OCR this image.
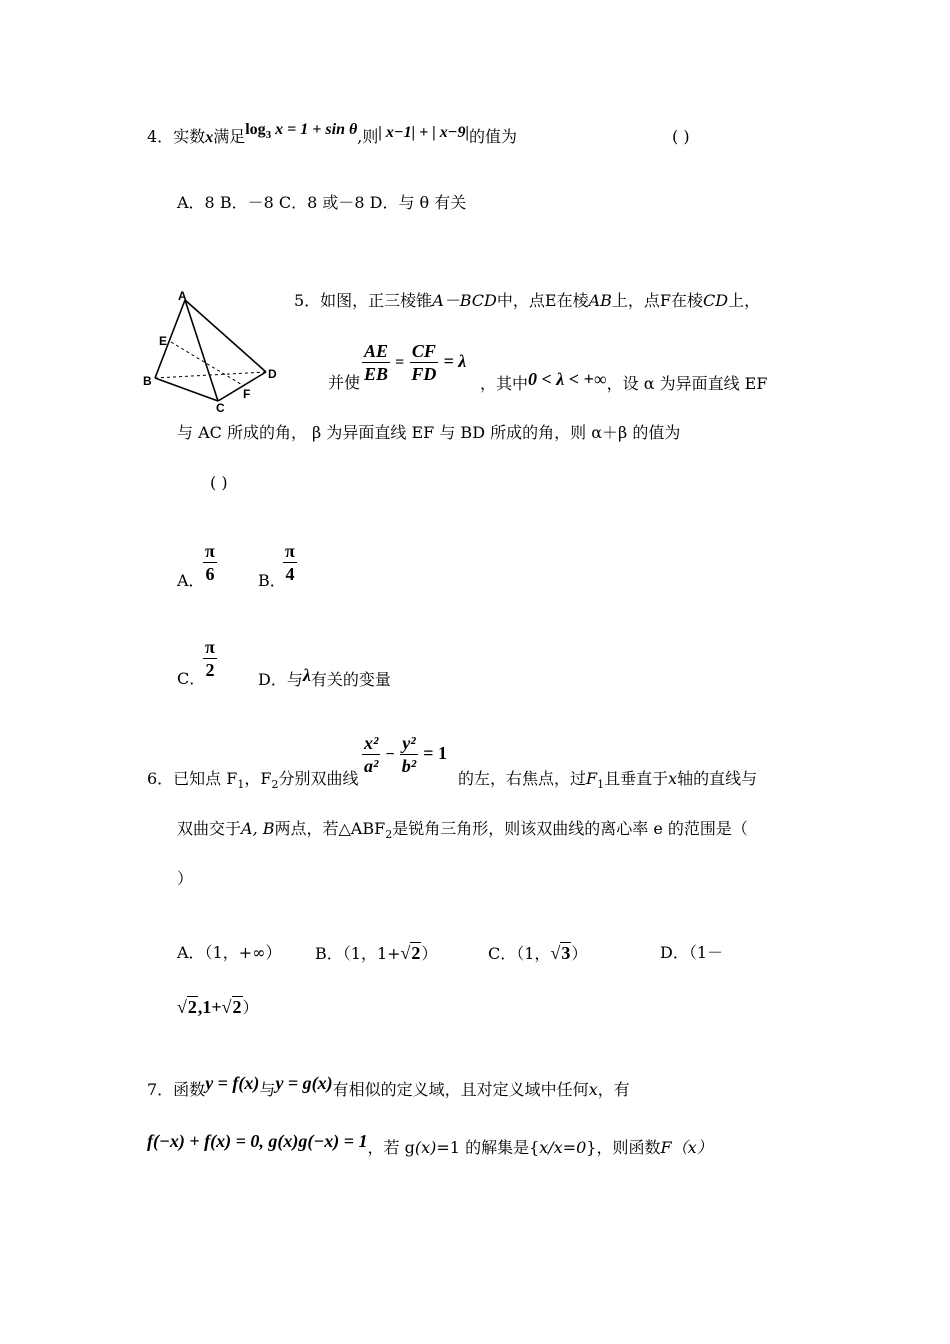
4．实数x满足$\log_3 x = 1 + \sin \theta$,则| x−1| + | x−9|的值为	( )
A．8 B．－8 C．8 或－8 D．与 θ 有关
A
E
B
C
F
D
5．如图，正三棱锥A－BCD中，点E在棱AB上，点F在棱CD上，
$\frac{AE}{EB} = \frac{CF}{FD} = \lambda$
并使	，其中0 < λ < +∞，设 α 为异面直线 EF
与 AC 所成的角， β 为异面直线 EF 与 BD 所成的角，则 α＋β 的值为
( )
A．
$\frac{\pi}{6}$	B．
$\frac{\pi}{4}$
C．
$\frac{\pi}{2}$	D．与λ有关的变量
$\frac{\text{x²}}{\text{a²}} - \frac{\text{y²}}{\text{b²}} = 1$
6．已知点 $F_1$，$F_2$分别双曲线	的左，右焦点，过$F_1$且垂直于x轴的直线与
双曲交于A, B两点，若$\triangle ABF_2$是锐角三角形，则该双曲线的离心率 e 的范围是（
）
A．（1，+∞） B．（1，1+√2）	C．（1，√3）	D．（1－
√2,1+√2）
7．函数y = f(x)与y = g(x)有相似的定义域，且对定义域中任何x，有
f(−x) + f(x) = 0, g(x)g(−x) = 1，若 g(x)=1 的解集是{x/x=0}，则函数F（x）
